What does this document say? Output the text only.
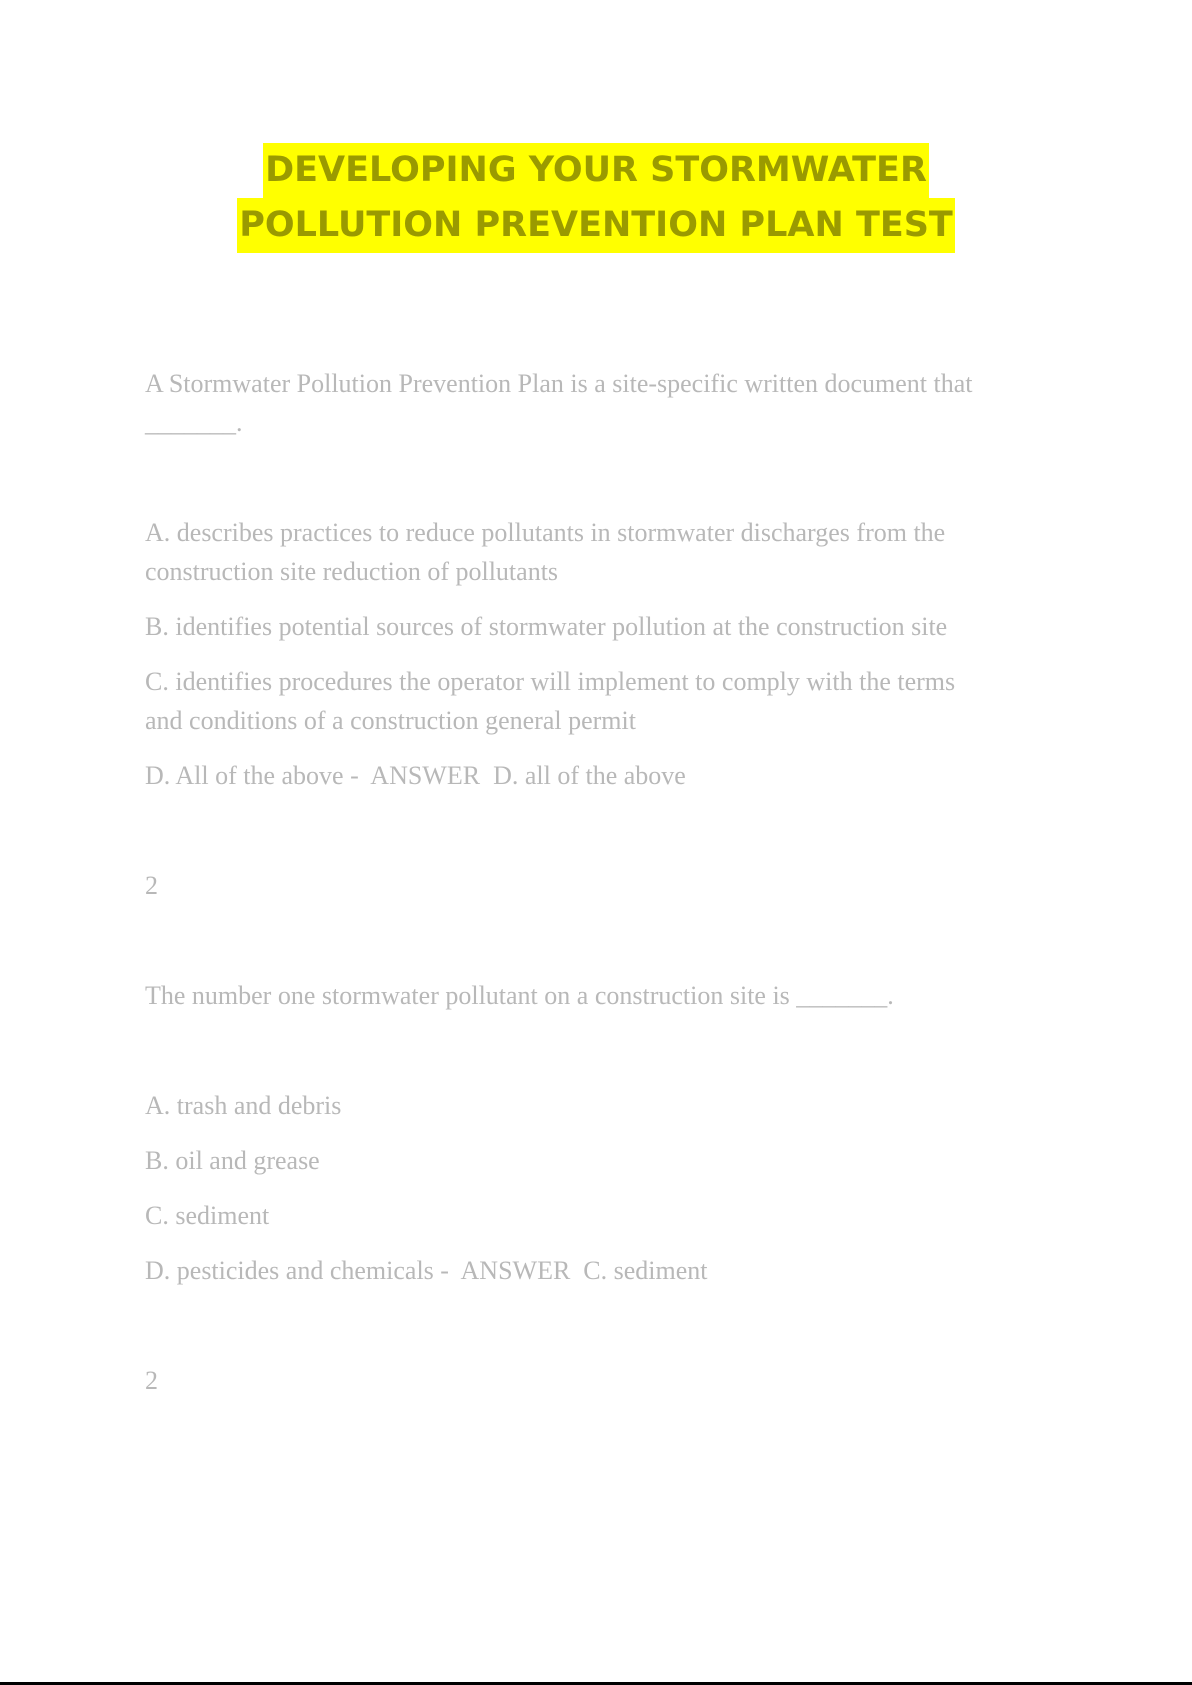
DEVELOPING YOUR STORMWATER
POLLUTION PREVENTION PLAN TEST
A Stormwater Pollution Prevention Plan is a site-specific written document that
_______.
A. describes practices to reduce pollutants in stormwater discharges from the
construction site reduction of pollutants
B. identifies potential sources of stormwater pollution at the construction site
C. identifies procedures the operator will implement to comply with the terms
and conditions of a construction general permit
D. All of the above -  ANSWER  D. all of the above
2
The number one stormwater pollutant on a construction site is _______.
A. trash and debris
B. oil and grease
C. sediment
D. pesticides and chemicals -  ANSWER  C. sediment
2
